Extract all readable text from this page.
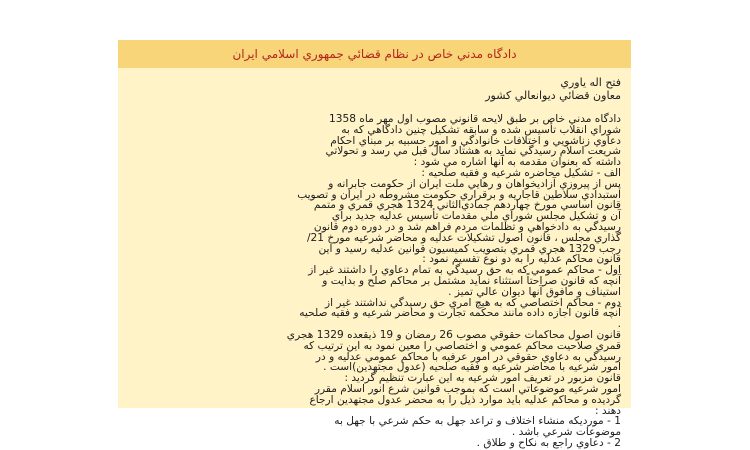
دادگاه مدني خاص در نظام قضائي جمهوري اسلامي ايران

فتح اله ياوري

معاون قضائي ديوانعالي کشور

دادگاه مدني خاص بر طبق لايحه قانوني مصوب اول مهر ماه 1358
شوراي انقلاب تأسيس شده و سابقه تشکيل چنين دادگاهي که به
دعاوي زناشويي و اختلافات خانوادگي و امور حسبيه بر مبناي احکام
شريعت اسلام رسيدگي نمايد به هشتاد سال قبل مي رسد و تحولاتي
داشته که بعنوان مقدمه به آنها اشاره مي شود :
الف - تشکيل محاضره شرعيه و فقيه صلحيه :
پس از پيروزي آزاديخواهان و رهايي ملت ايران از حکومت جابرانه و
استبدادي سلاطين قاجاريه و برقراري حکومت مشروطه در ايران و تصويب
قانون اساسي مورخ چهاردهم جمادي‌الثاني 1324 هجري قمري و متمم
آن و تشکيل مجلس شوراي ملي مقدمات تأسيس عدليه جديد براي
رسيدگي به دادخواهي و تظلمات مردم فراهم شد و در دوره دوم قانون
گذاري مجلس ، قانون اصول تشکيلات عدليه و محاضر شرعيه مورخ 21/
رجب 1329 هجري قمري بتصويب کميسيون قوانين عدليه رسيد و اين
قانون محاکم عدليه را به دو نوع تقسيم نمود :
اول - محاکم عمومي که به حق رسيدگي به تمام دعاوي را داشتند غير از
آنچه که قانون صراحتاً استثناء نمايد مشتمل بر محاکم صلح و بدايت و
استيناف و مافوق آنها ديوان عالي تميز .
دوم - محاکم اختصاصي که به هيچ امري حق رسيدگي نداشتند غير از
آنچه قانون اجازه داده مانند محکمه تجارت و محاضر شرعيه و فقيه صلحيه
.

قانون اصول محاکمات حقوقي مصوب 26 رمضان و 19 ذيقعده 1329 هجري
قمري صلاحيت محاکم عمومي و اختصاصي را معين نمود به اين ترتيب که
رسيدگي به دعاوي حقوقي در امور عرفيه با محاکم عمومي عدليه و در
امور شرعيه با محاضر شرعيه و فقيه صلحيه (عدول مجتهدين)است .
قانون مزبور در تعريف امور شرعيه به اين عبارت تنظيم گرديد :
امور شرعيه موضوعاتي است که بموجب قوانين شرع انور اسلام مقرر
گرديده و محاکم عدليه بايد موارد ذيل را به محضر عدول مجتهدين ارجاع
دهند :
1 - مورديکه منشاء اختلاف و تراعد جهل به حکم شرعي با جهل به
موضوعات شرعي باشد .
2 - دعاوي راجع به نکاح و طلاق .
